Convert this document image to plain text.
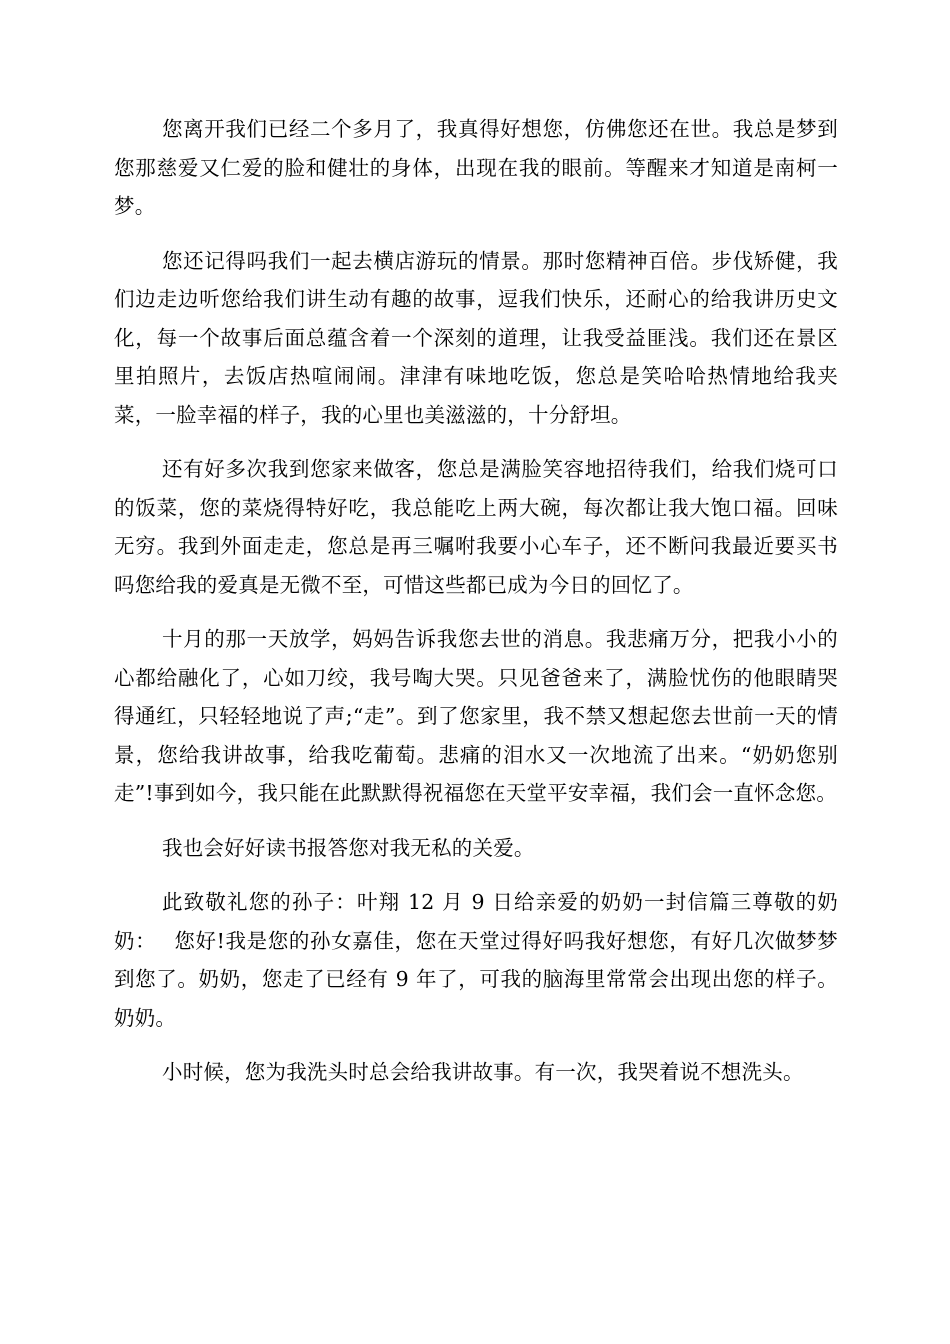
您离开我们已经二个多月了，我真得好想您，仿佛您还在世。我总是梦到您那慈爱又仁爱的脸和健壮的身体，出现在我的眼前。等醒来才知道是南柯一梦。

您还记得吗我们一起去横店游玩的情景。那时您精神百倍。步伐矫健，我们边走边听您给我们讲生动有趣的故事，逗我们快乐，还耐心的给我讲历史文化，每一个故事后面总蕴含着一个深刻的道理，让我受益匪浅。我们还在景区里拍照片，去饭店热喧闹闹。津津有味地吃饭，您总是笑哈哈热情地给我夹菜，一脸幸福的样子，我的心里也美滋滋的，十分舒坦。

还有好多次我到您家来做客，您总是满脸笑容地招待我们，给我们烧可口的饭菜，您的菜烧得特好吃，我总能吃上两大碗，每次都让我大饱口福。回味无穷。我到外面走走，您总是再三嘱咐我要小心车子，还不断问我最近要买书吗您给我的爱真是无微不至，可惜这些都已成为今日的回忆了。

十月的那一天放学，妈妈告诉我您去世的消息。我悲痛万分，把我小小的心都给融化了，心如刀绞，我号啕大哭。只见爸爸来了，满脸忧伤的他眼睛哭得通红，只轻轻地说了声;“走”。到了您家里，我不禁又想起您去世前一天的情景，您给我讲故事，给我吃葡萄。悲痛的泪水又一次地流了出来。“奶奶您别走”!事到如今，我只能在此默默得祝福您在天堂平安幸福，我们会一直怀念您。

我也会好好读书报答您对我无私的关爱。

此致敬礼您的孙子：叶翔 12 月 9 日给亲爱的奶奶一封信篇三尊敬的奶奶：　 您好!我是您的孙女嘉佳，您在天堂过得好吗我好想您，有好几次做梦梦到您了。奶奶，您走了已经有 9 年了，可我的脑海里常常会出现出您的样子。奶奶。

小时候，您为我洗头时总会给我讲故事。有一次，我哭着说不想洗头。
